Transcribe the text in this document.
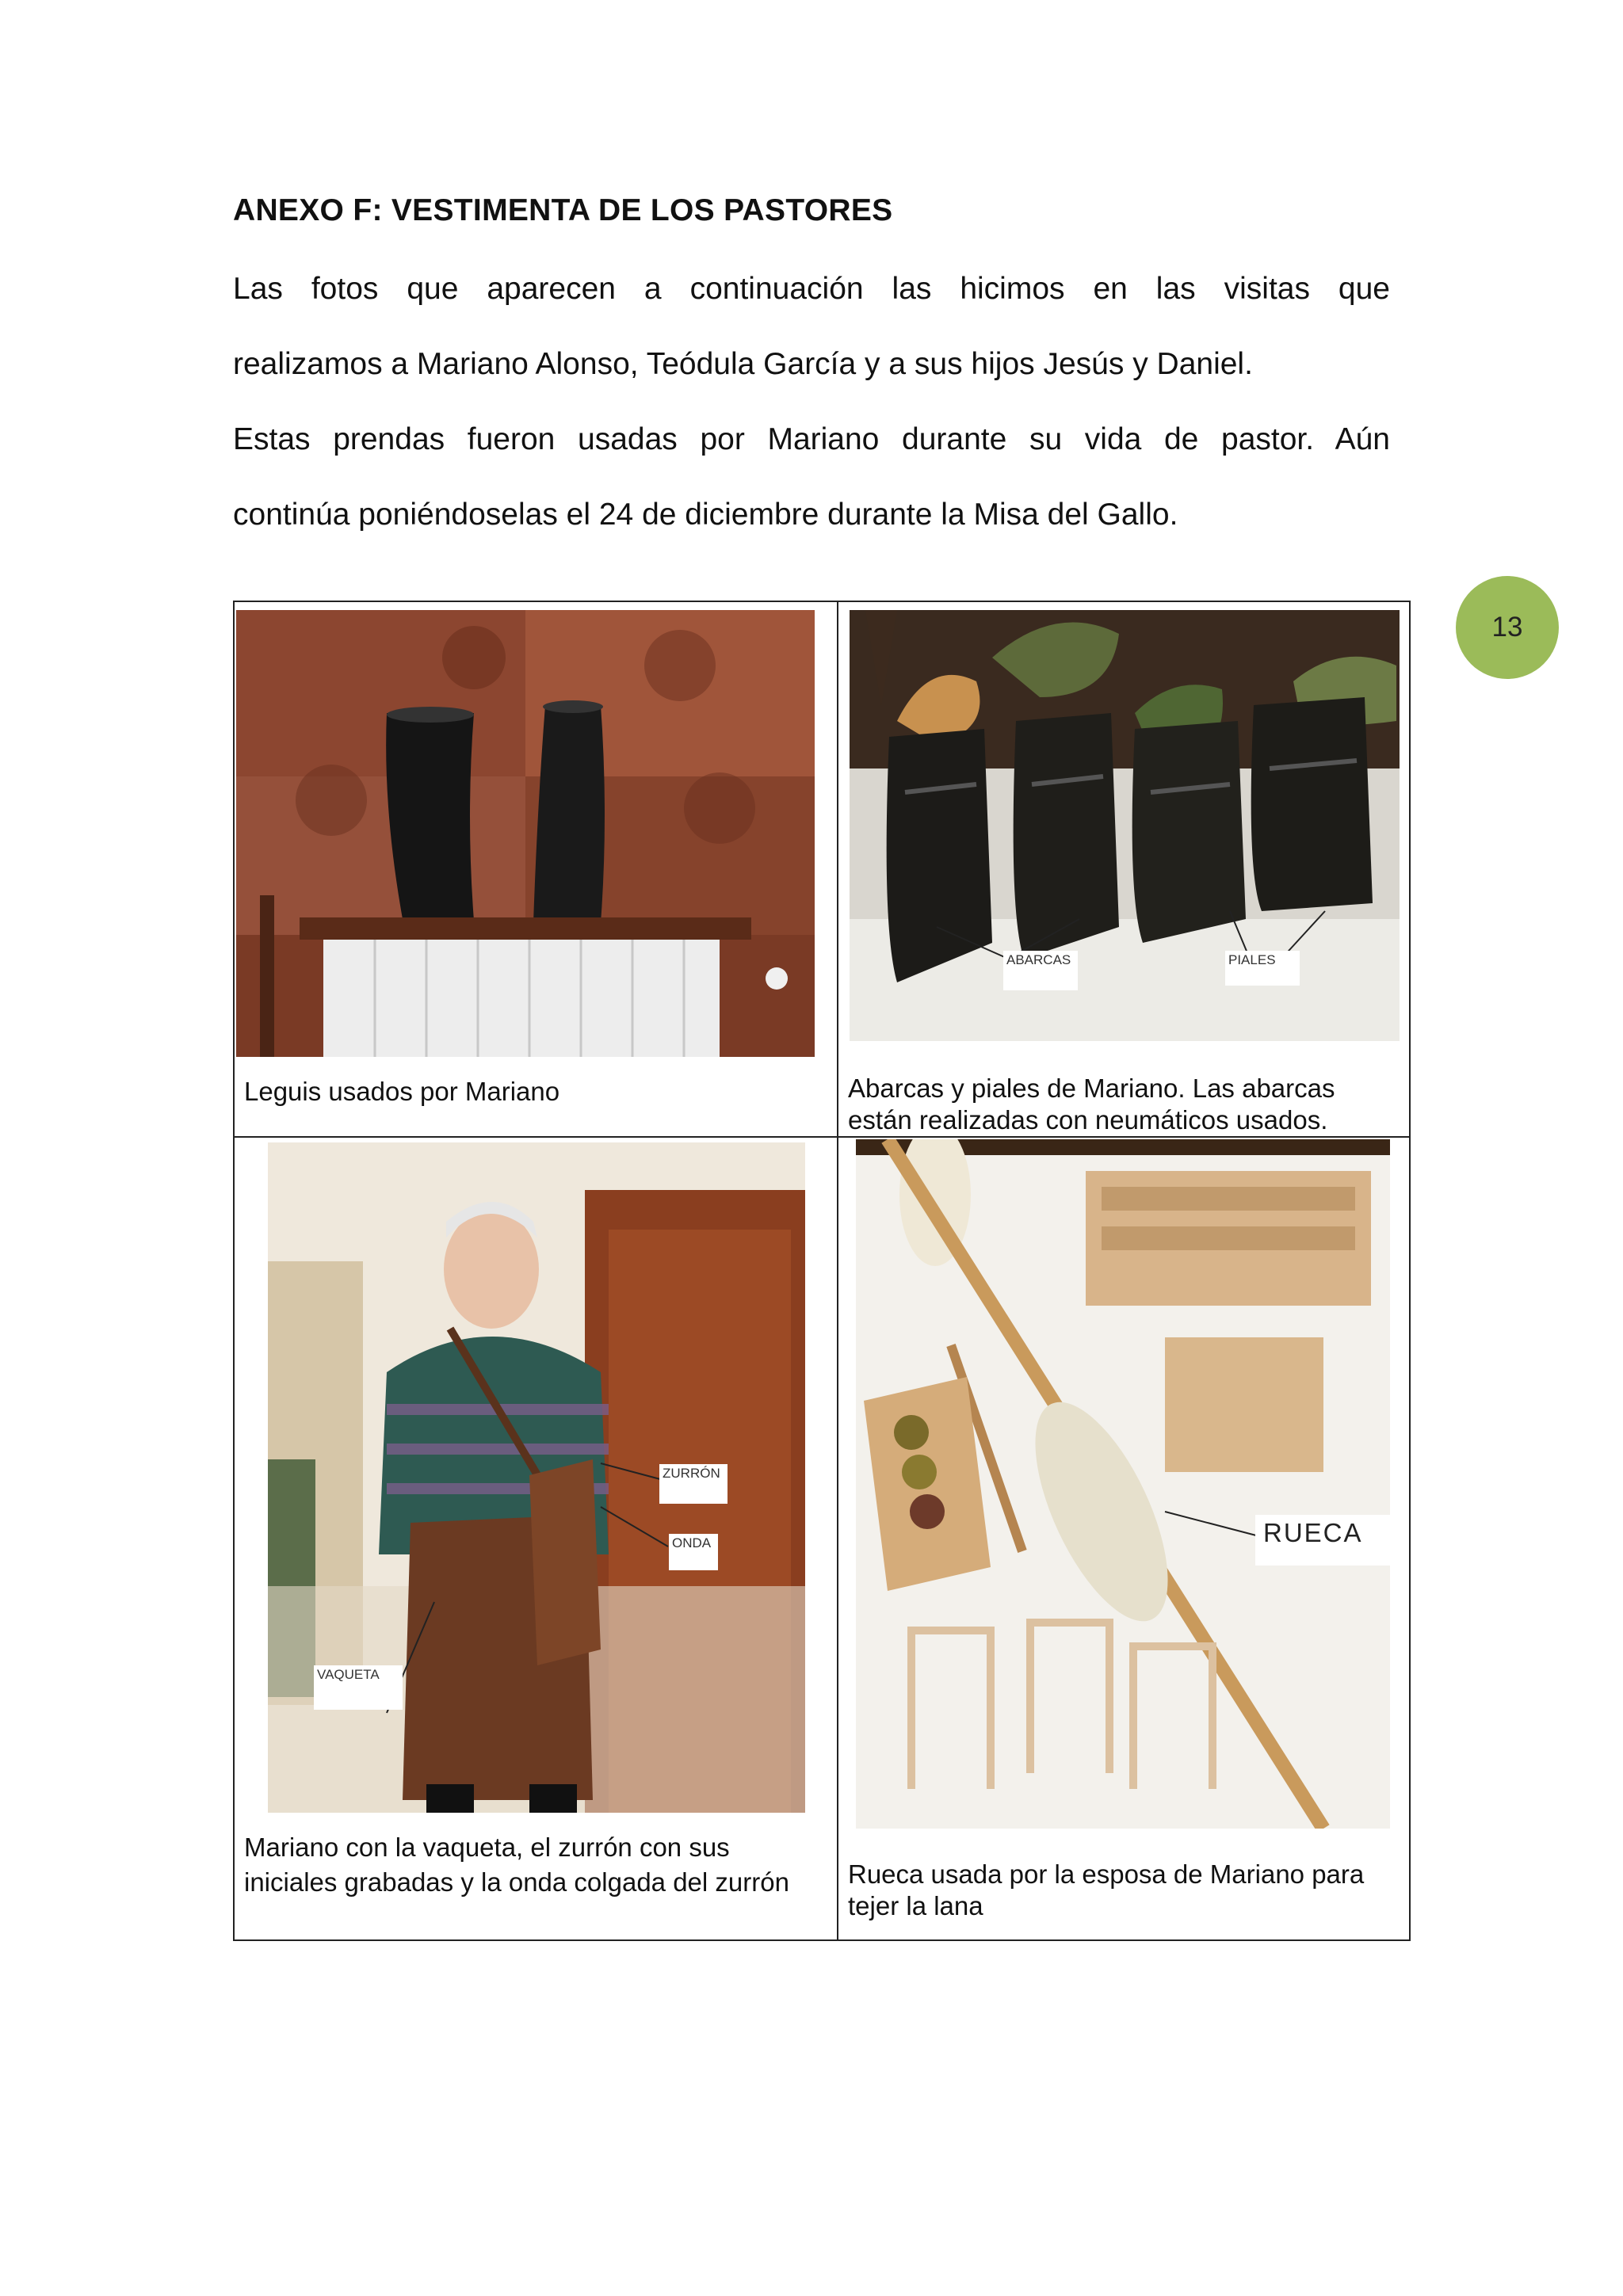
ANEXO F: VESTIMENTA DE LOS PASTORES

Las fotos que aparecen a continuación las hicimos en las visitas que

realizamos a Mariano Alonso, Teódula García y a sus hijos Jesús y Daniel.

Estas prendas fueron usadas por Mariano durante su vida de pastor. Aún

continúa poniéndoselas el 24 de diciembre durante la Misa del Gallo.

13

Leguis usados por Mariano

ABARCAS	PIALES

Abarcas y piales de Mariano. Las abarcas están realizadas con neumáticos usados.

ZURRÓN
ONDA
VAQUETA

Mariano con la vaqueta, el zurrón con sus

iniciales grabadas y la onda colgada del zurrón

RUECA

Rueca usada por la esposa de Mariano para tejer la lana
